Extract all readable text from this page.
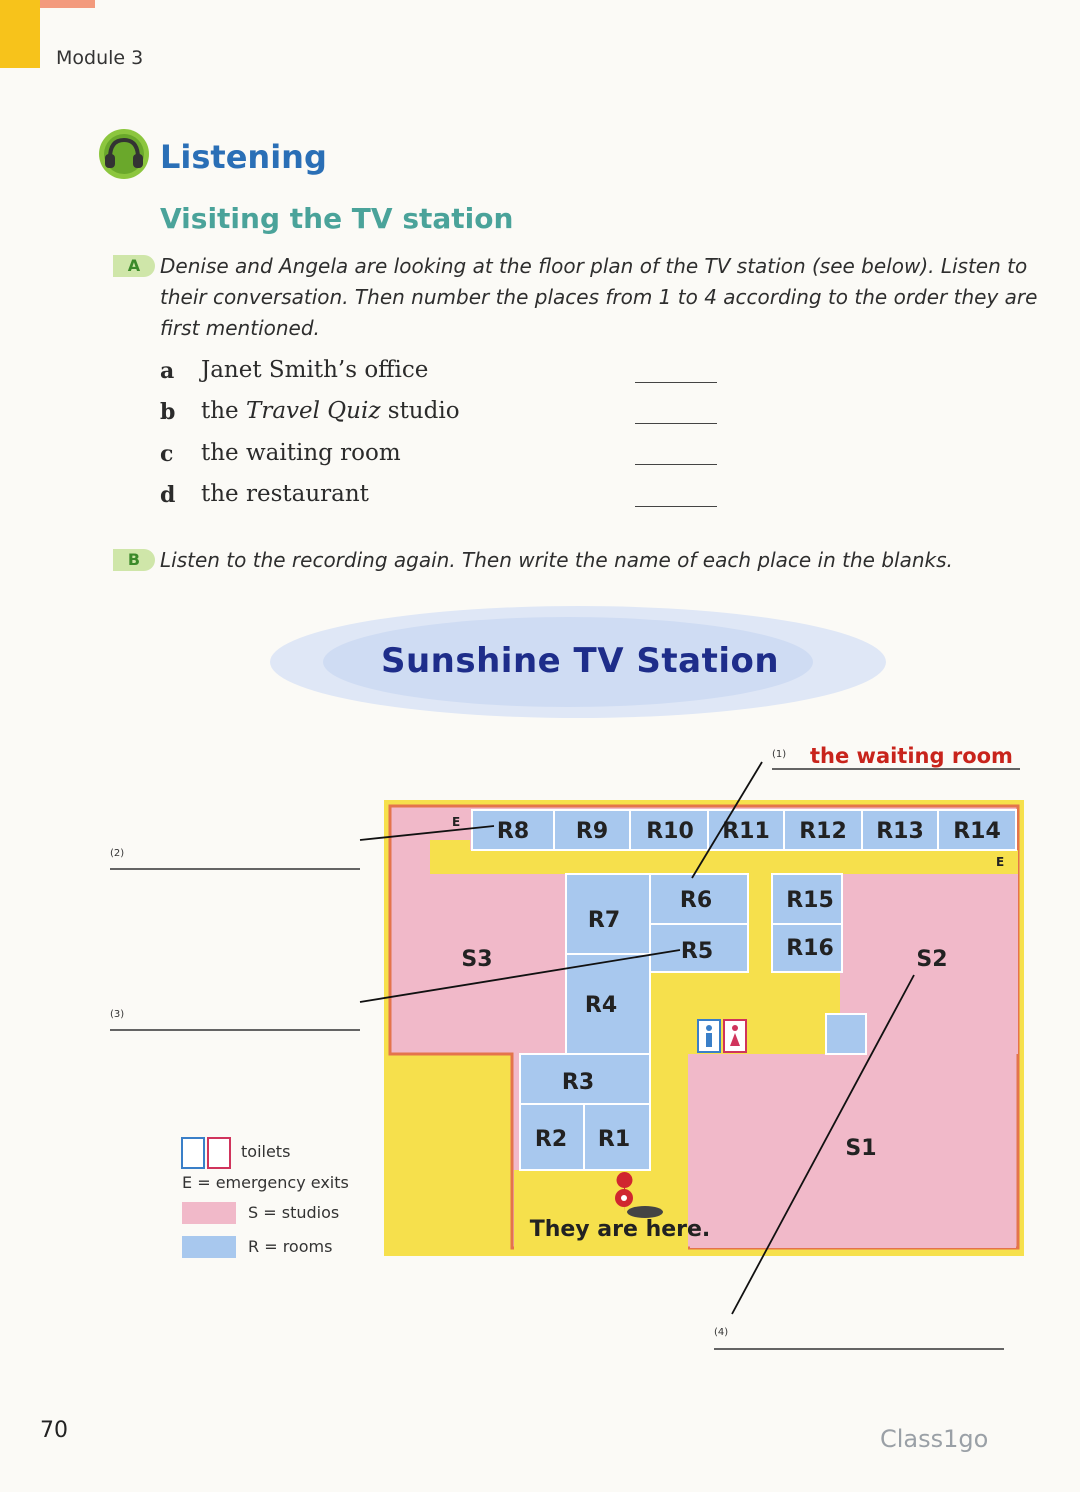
Module 3
Listening
Visiting the TV station
A Denise and Angela are looking at the floor plan of the TV station (see below). Listen to their conversation. Then number the places from 1 to 4 according to the order they are first mentioned.
a Janet Smith’s office
b the Travel Quiz studio
c the waiting room
d the restaurant
B Listen to the recording again. Then write the name of each place in the blanks.
Sunshine TV Station
E
E
R8 R9 R10 R11 R12 R13 R14
R7
R6
R5
R4
R15
R16
R3
R2 R1
S3	S2
S1
They are here.
(1)
(2)
(3)
(4)
the waiting room
toilets
E = emergency exits
S = studios
R = rooms
70	Class1go
